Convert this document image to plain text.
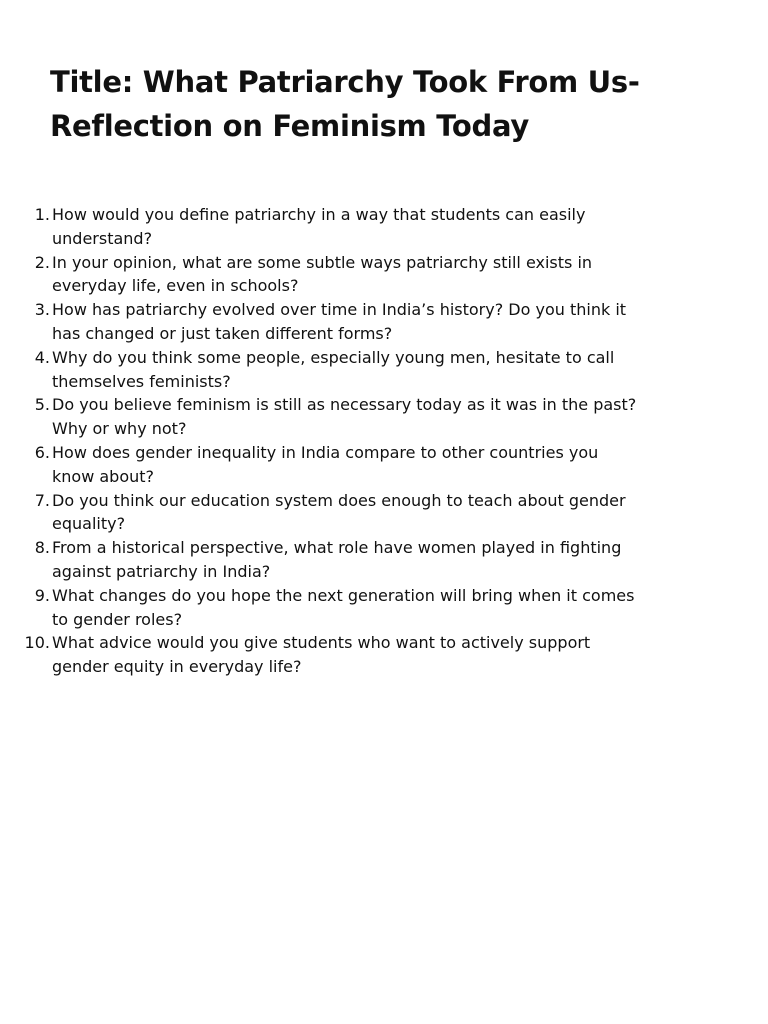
Title: What Patriarchy Took From Us- Reflection on Feminism Today
1. How would you define patriarchy in a way that students can easily understand?
2. In your opinion, what are some subtle ways patriarchy still exists in everyday life, even in schools?
3. How has patriarchy evolved over time in India’s history? Do you think it has changed or just taken different forms?
4. Why do you think some people, especially young men, hesitate to call themselves feminists?
5. Do you believe feminism is still as necessary today as it was in the past? Why or why not?
6. How does gender inequality in India compare to other countries you know about?
7. Do you think our education system does enough to teach about gender equality?
8. From a historical perspective, what role have women played in fighting against patriarchy in India?
9. What changes do you hope the next generation will bring when it comes to gender roles?
10. What advice would you give students who want to actively support gender equity in everyday life?
